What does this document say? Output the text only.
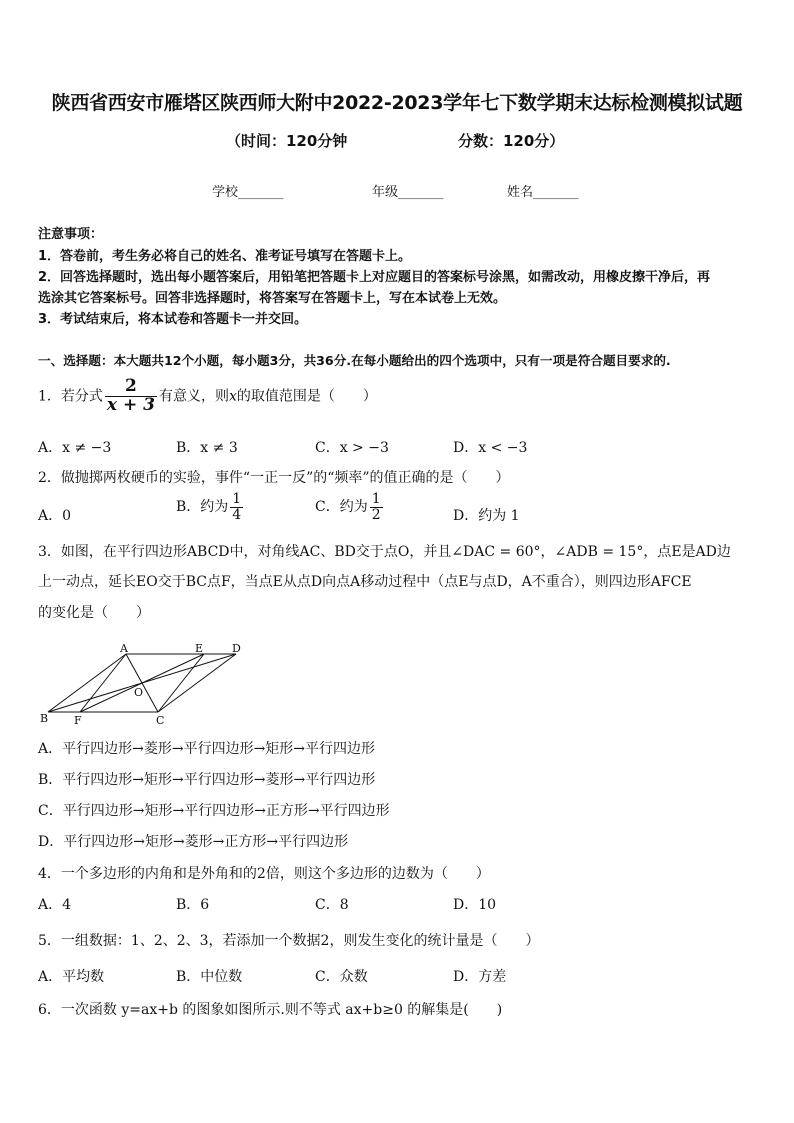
陕西省西安市雁塔区陕西师大附中2022-2023学年七下数学期末达标检测模拟试题
（时间：120分钟	分数：120分）
学校_______	年级_______	姓名_______
注意事项：
1．答卷前，考生务必将自己的姓名、准考证号填写在答题卡上。
2．回答选择题时，选出每小题答案后，用铅笔把答题卡上对应题目的答案标号涂黑，如需改动，用橡皮擦干净后，再
选涂其它答案标号。回答非选择题时，将答案写在答题卡上，写在本试卷上无效。
3．考试结束后，将本试卷和答题卡一并交回。
一、选择题：本大题共12个小题，每小题3分，共36分.在每小题给出的四个选项中，只有一项是符合题目要求的.
1．若分式 $\frac{2}{x + 3}$ 有意义，则x的取值范围是（　　）
A．x ≠ −3	B．x ≠ 3	C．x > −3	D．x < −3
2．做抛掷两枚硬币的实验，事件“一正一反”的“频率”的值正确的是（　　）
A．0
B．约为 $\frac{1}{4}$	C．约为 $\frac{1}{2}$	D．约为 1
3．如图，在平行四边形ABCD中，对角线AC、BD交于点O，并且∠DAC = 60°，∠ADB = 15°，点E是AD边
上一动点，延长EO交于BC点F，当点E从点D向点A移动过程中（点E与点D，A不重合），则四边形AFCE
的变化是（　　）
A	E	D
O
B F	C
A．平行四边形→菱形→平行四边形→矩形→平行四边形
B．平行四边形→矩形→平行四边形→菱形→平行四边形
C．平行四边形→矩形→平行四边形→正方形→平行四边形
D．平行四边形→矩形→菱形→正方形→平行四边形
4．一个多边形的内角和是外角和的2倍，则这个多边形的边数为（　　）
A．4	B．6	C．8	D．10
5．一组数据：1、2、2、3，若添加一个数据2，则发生变化的统计量是（　　）
A．平均数	B．中位数	C．众数	D．方差
6．一次函数 y=ax+b 的图象如图所示.则不等式 ax+b≥0 的解集是(　　)
